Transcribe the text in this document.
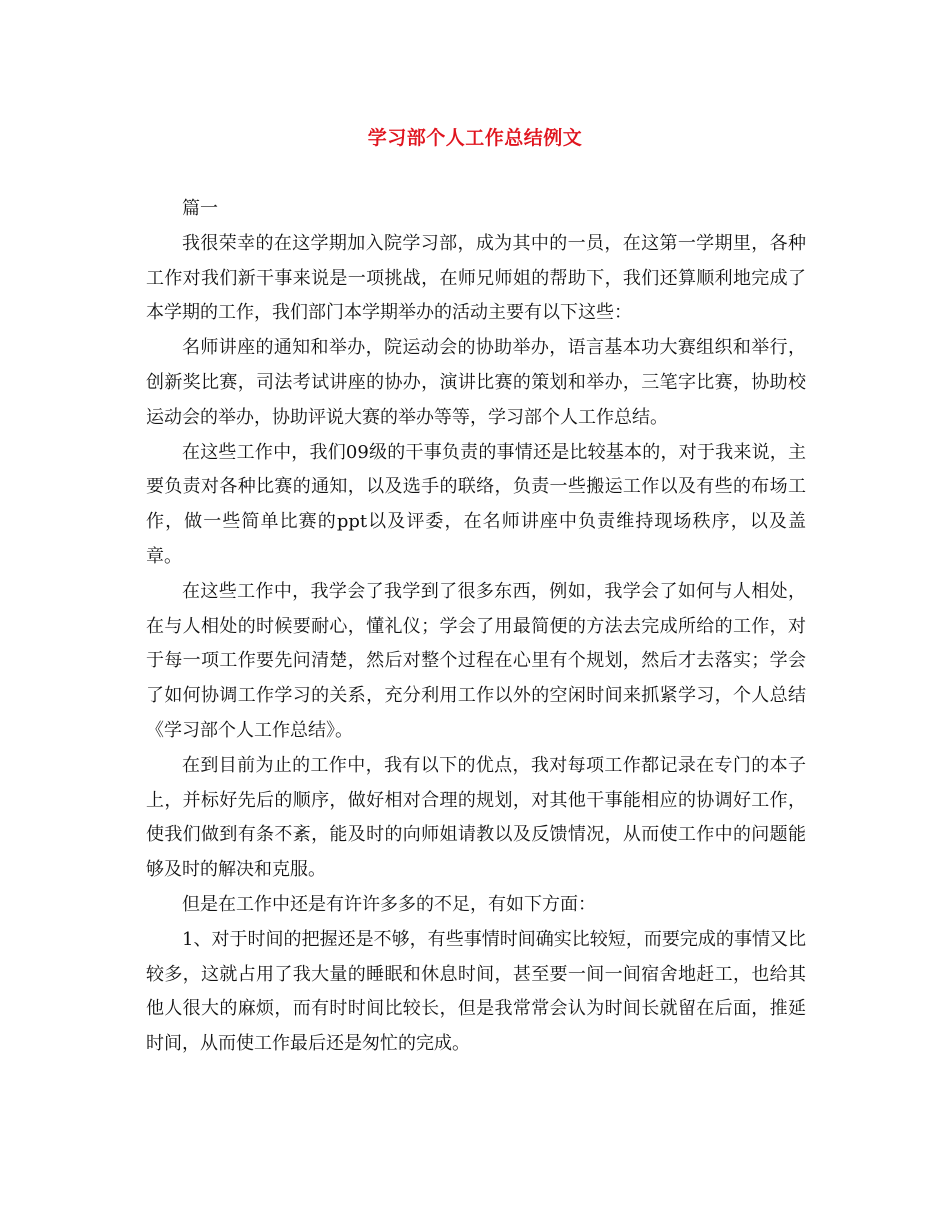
学习部个人工作总结例文

篇一

我很荣幸的在这学期加入院学习部，成为其中的一员，在这第一学期里，各种工作对我们新干事来说是一项挑战，在师兄师姐的帮助下，我们还算顺利地完成了本学期的工作，我们部门本学期举办的活动主要有以下这些：

名师讲座的通知和举办，院运动会的协助举办，语言基本功大赛组织和举行，创新奖比赛，司法考试讲座的协办，演讲比赛的策划和举办，三笔字比赛，协助校运动会的举办，协助评说大赛的举办等等，学习部个人工作总结。

在这些工作中，我们09级的干事负责的事情还是比较基本的，对于我来说，主要负责对各种比赛的通知，以及选手的联络，负责一些搬运工作以及有些的布场工作，做一些简单比赛的ppt以及评委，在名师讲座中负责维持现场秩序，以及盖章。

在这些工作中，我学会了我学到了很多东西，例如，我学会了如何与人相处，在与人相处的时候要耐心，懂礼仪；学会了用最简便的方法去完成所给的工作，对于每一项工作要先问清楚，然后对整个过程在心里有个规划，然后才去落实；学会了如何协调工作学习的关系，充分利用工作以外的空闲时间来抓紧学习，个人总结《学习部个人工作总结》。

在到目前为止的工作中，我有以下的优点，我对每项工作都记录在专门的本子上，并标好先后的顺序，做好相对合理的规划，对其他干事能相应的协调好工作，使我们做到有条不紊，能及时的向师姐请教以及反馈情况，从而使工作中的问题能够及时的解决和克服。

但是在工作中还是有许许多多的不足，有如下方面：

1、对于时间的把握还是不够，有些事情时间确实比较短，而要完成的事情又比较多，这就占用了我大量的睡眠和休息时间，甚至要一间一间宿舍地赶工，也给其他人很大的麻烦，而有时时间比较长，但是我常常会认为时间长就留在后面，推延时间，从而使工作最后还是匆忙的完成。
